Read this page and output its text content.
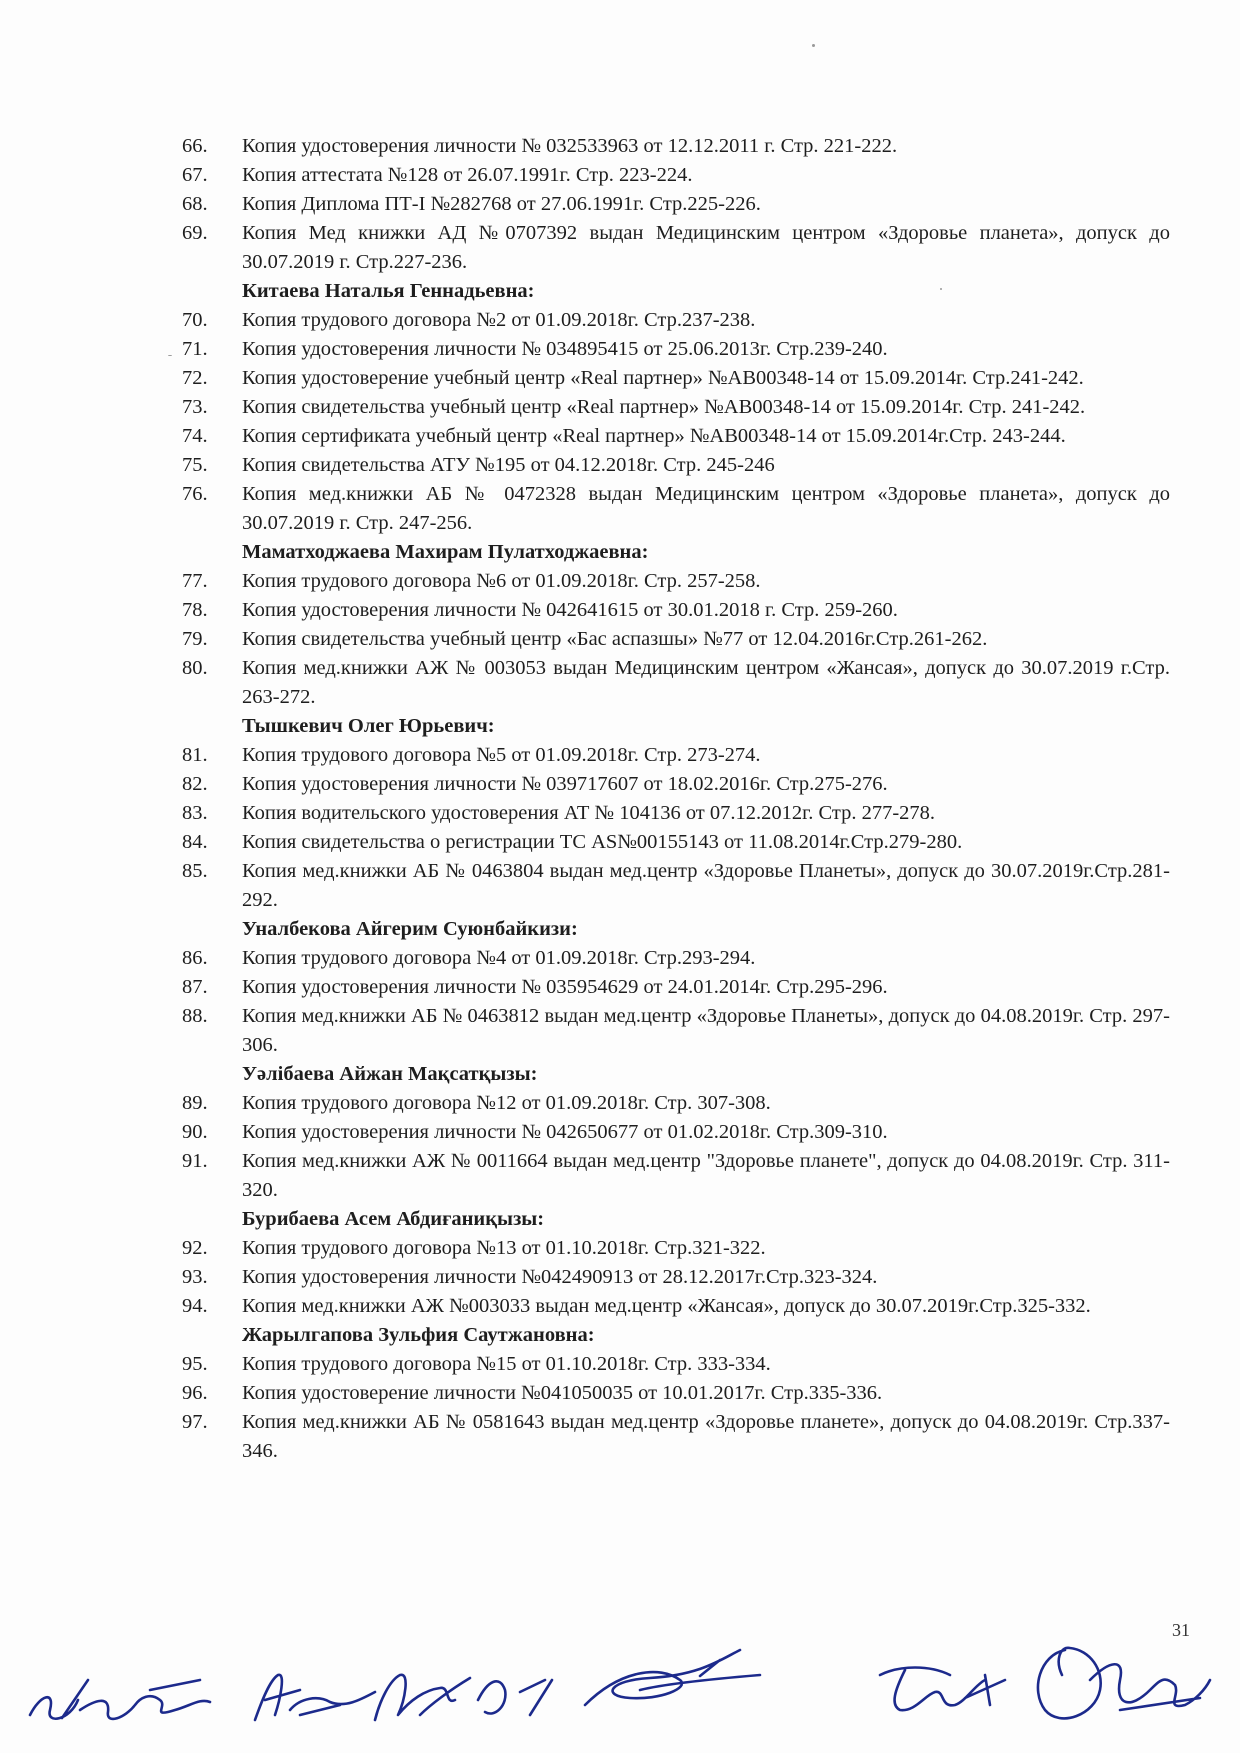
66.	Копия удостоверения личности № 032533963 от 12.12.2011 г. Стр. 221-222.
67.	Копия аттестата №128 от 26.07.1991г. Стр. 223-224.
68.	Копия Диплома ПТ-I №282768 от 27.06.1991г. Стр.225-226.
69.	Копия Мед книжки АД №0707392 выдан Медицинским центром «Здоровье планета», допуск до 30.07.2019 г. Стр.227-236.
Китаева Наталья Геннадьевна:
70.	Копия трудового договора №2 от 01.09.2018г. Стр.237-238.
71.	Копия удостоверения личности № 034895415 от 25.06.2013г. Стр.239-240.
72.	Копия удостоверение учебный центр «Real партнер» №АВ00348-14 от 15.09.2014г. Стр.241-242.
73.	Копия свидетельства учебный центр «Real партнер» №АВ00348-14 от 15.09.2014г. Стр. 241-242.
74.	Копия сертификата учебный центр «Real партнер» №АВ00348-14 от 15.09.2014г.Стр. 243-244.
75.	Копия свидетельства АТУ №195 от 04.12.2018г. Стр. 245-246
76.	Копия мед.книжки АБ № 0472328 выдан Медицинским центром «Здоровье планета», допуск до 30.07.2019 г. Стр. 247-256.
Маматходжаева Махирам Пулатходжаевна:
77.	Копия трудового договора №6 от 01.09.2018г. Стр. 257-258.
78.	Копия удостоверения личности № 042641615 от 30.01.2018 г. Стр. 259-260.
79.	Копия свидетельства учебный центр «Бас аспазшы» №77 от 12.04.2016г.Стр.261-262.
80.	Копия мед.книжки АЖ № 003053 выдан Медицинским центром «Жансая», допуск до 30.07.2019 г.Стр. 263-272.
Тышкевич Олег Юрьевич:
81.	Копия трудового договора №5 от 01.09.2018г. Стр. 273-274.
82.	Копия удостоверения личности № 039717607 от 18.02.2016г. Стр.275-276.
83.	Копия водительского удостоверения АТ № 104136 от 07.12.2012г. Стр. 277-278.
84.	Копия свидетельства о регистрации ТС AS№00155143 от 11.08.2014г.Стр.279-280.
85.	Копия мед.книжки АБ № 0463804 выдан мед.центр «Здоровье Планеты», допуск до 30.07.2019г.Стр.281-292.
Уналбекова Айгерим Суюнбайкизи:
86.	Копия трудового договора №4 от 01.09.2018г. Стр.293-294.
87.	Копия удостоверения личности № 035954629 от 24.01.2014г. Стр.295-296.
88.	Копия мед.книжки АБ № 0463812 выдан мед.центр «Здоровье Планеты», допуск до 04.08.2019г. Стр. 297-306.
Уәлібаева Айжан Мақсатқызы:
89.	Копия трудового договора №12 от 01.09.2018г. Стр. 307-308.
90.	Копия удостоверения личности № 042650677 от 01.02.2018г. Стр.309-310.
91.	Копия мед.книжки АЖ № 0011664 выдан мед.центр "Здоровье планете", допуск до 04.08.2019г. Стр. 311-320.
Бурибаева Асем Абдиғаниқызы:
92.	Копия трудового договора №13 от 01.10.2018г. Стр.321-322.
93.	Копия удостоверения личности №042490913 от 28.12.2017г.Стр.323-324.
94.	Копия мед.книжки АЖ №003033 выдан мед.центр «Жансая», допуск до 30.07.2019г.Стр.325-332.
Жарылгапова Зульфия Саутжановна:
95.	Копия трудового договора №15 от 01.10.2018г. Стр. 333-334.
96.	Копия удостоверение личности №041050035 от 10.01.2017г. Стр.335-336.
97.	Копия мед.книжки АБ № 0581643 выдан мед.центр «Здоровье планете», допуск до 04.08.2019г. Стр.337-346.
31
